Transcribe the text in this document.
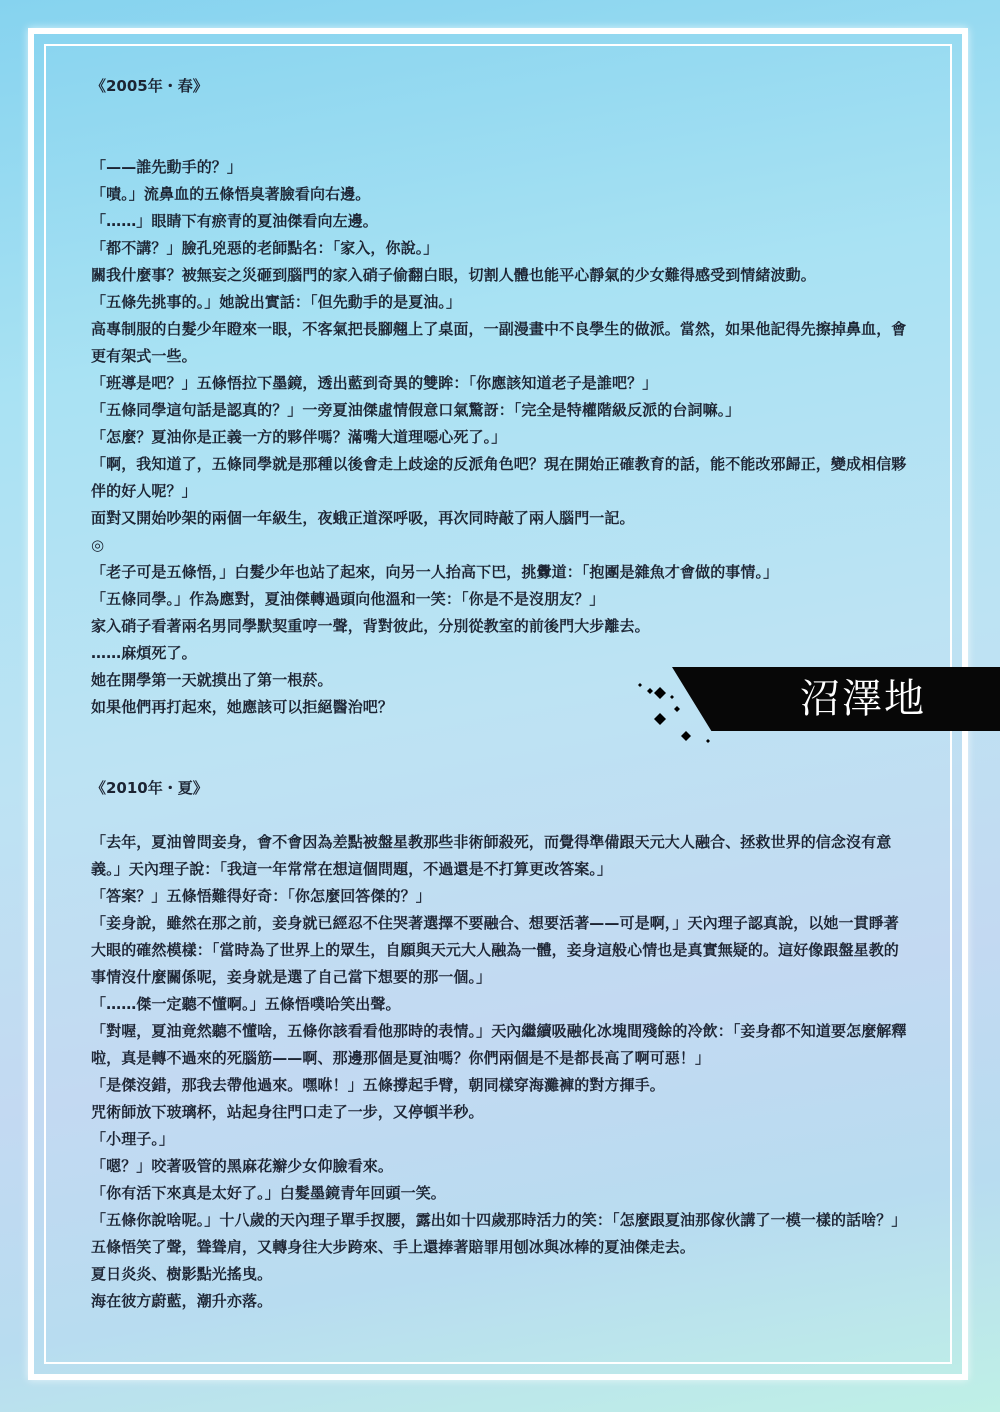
《2005年・春》

「——誰先動手的？」

「嘖。」流鼻血的五條悟臭著臉看向右邊。

「……」眼睛下有瘀青的夏油傑看向左邊。

「都不講？」臉孔兇惡的老師點名：「家入，你說。」

關我什麼事？被無妄之災砸到腦門的家入硝子偷翻白眼，切割人體也能平心靜氣的少女難得感受到情緒波動。

「五條先挑事的。」她說出實話：「但先動手的是夏油。」

高專制服的白髮少年瞪來一眼，不客氣把長腳翹上了桌面，一副漫畫中不良學生的做派。當然，如果他記得先擦掉鼻血，會更有架式一些。

「班導是吧？」五條悟拉下墨鏡，透出藍到奇異的雙眸：「你應該知道老子是誰吧？」

「五條同學這句話是認真的？」一旁夏油傑虛情假意口氣驚訝：「完全是特權階級反派的台詞嘛。」

「怎麼？夏油你是正義一方的夥伴嗎？滿嘴大道理噁心死了。」

「啊，我知道了，五條同學就是那種以後會走上歧途的反派角色吧？現在開始正確教育的話，能不能改邪歸正，變成相信夥伴的好人呢？」

面對又開始吵架的兩個一年級生，夜蛾正道深呼吸，再次同時敲了兩人腦門一記。

◎

「老子可是五條悟，」白髮少年也站了起來，向另一人抬高下巴，挑釁道：「抱團是雜魚才會做的事情。」

「五條同學。」作為應對，夏油傑轉過頭向他溫和一笑：「你是不是沒朋友？」

家入硝子看著兩名男同學默契重哼一聲，背對彼此，分別從教室的前後門大步離去。

……麻煩死了。

她在開學第一天就摸出了第一根菸。

如果他們再打起來，她應該可以拒絕醫治吧？

《2010年・夏》

「去年，夏油曾問妾身，會不會因為差點被盤星教那些非術師殺死，而覺得準備跟天元大人融合、拯救世界的信念沒有意義。」天內理子說：「我這一年常常在想這個問題，不過還是不打算更改答案。」

「答案？」五條悟難得好奇：「你怎麼回答傑的？」

「妾身說，雖然在那之前，妾身就已經忍不住哭著選擇不要融合、想要活著——可是啊，」天內理子認真說，以她一貫睜著大眼的確然模樣：「當時為了世界上的眾生，自願與天元大人融為一體，妾身這般心情也是真實無疑的。這好像跟盤星教的事情沒什麼關係呢，妾身就是選了自己當下想要的那一個。」

「……傑一定聽不懂啊。」五條悟噗哈笑出聲。

「對喔，夏油竟然聽不懂啥，五條你該看看他那時的表情。」天內繼續吸融化冰塊間殘餘的冷飲：「妾身都不知道要怎麼解釋啦，真是轉不過來的死腦筋——啊、那邊那個是夏油嗎？你們兩個是不是都長高了啊可惡！」

「是傑沒錯，那我去帶他過來。嘿咻！」五條撐起手臂，朝同樣穿海灘褲的對方揮手。

咒術師放下玻璃杯，站起身往門口走了一步，又停頓半秒。

「小理子。」

「嗯？」咬著吸管的黑麻花辮少女仰臉看來。

「你有活下來真是太好了。」白髮墨鏡青年回頭一笑。

「五條你說啥呢。」十八歲的天內理子單手扠腰，露出如十四歲那時活力的笑：「怎麼跟夏油那傢伙講了一模一樣的話啥？」

五條悟笑了聲，聳聳肩，又轉身往大步跨來、手上還捧著賠罪用刨冰與冰棒的夏油傑走去。

夏日炎炎、樹影點光搖曳。

海在彼方蔚藍，潮升亦落。

沼澤地
